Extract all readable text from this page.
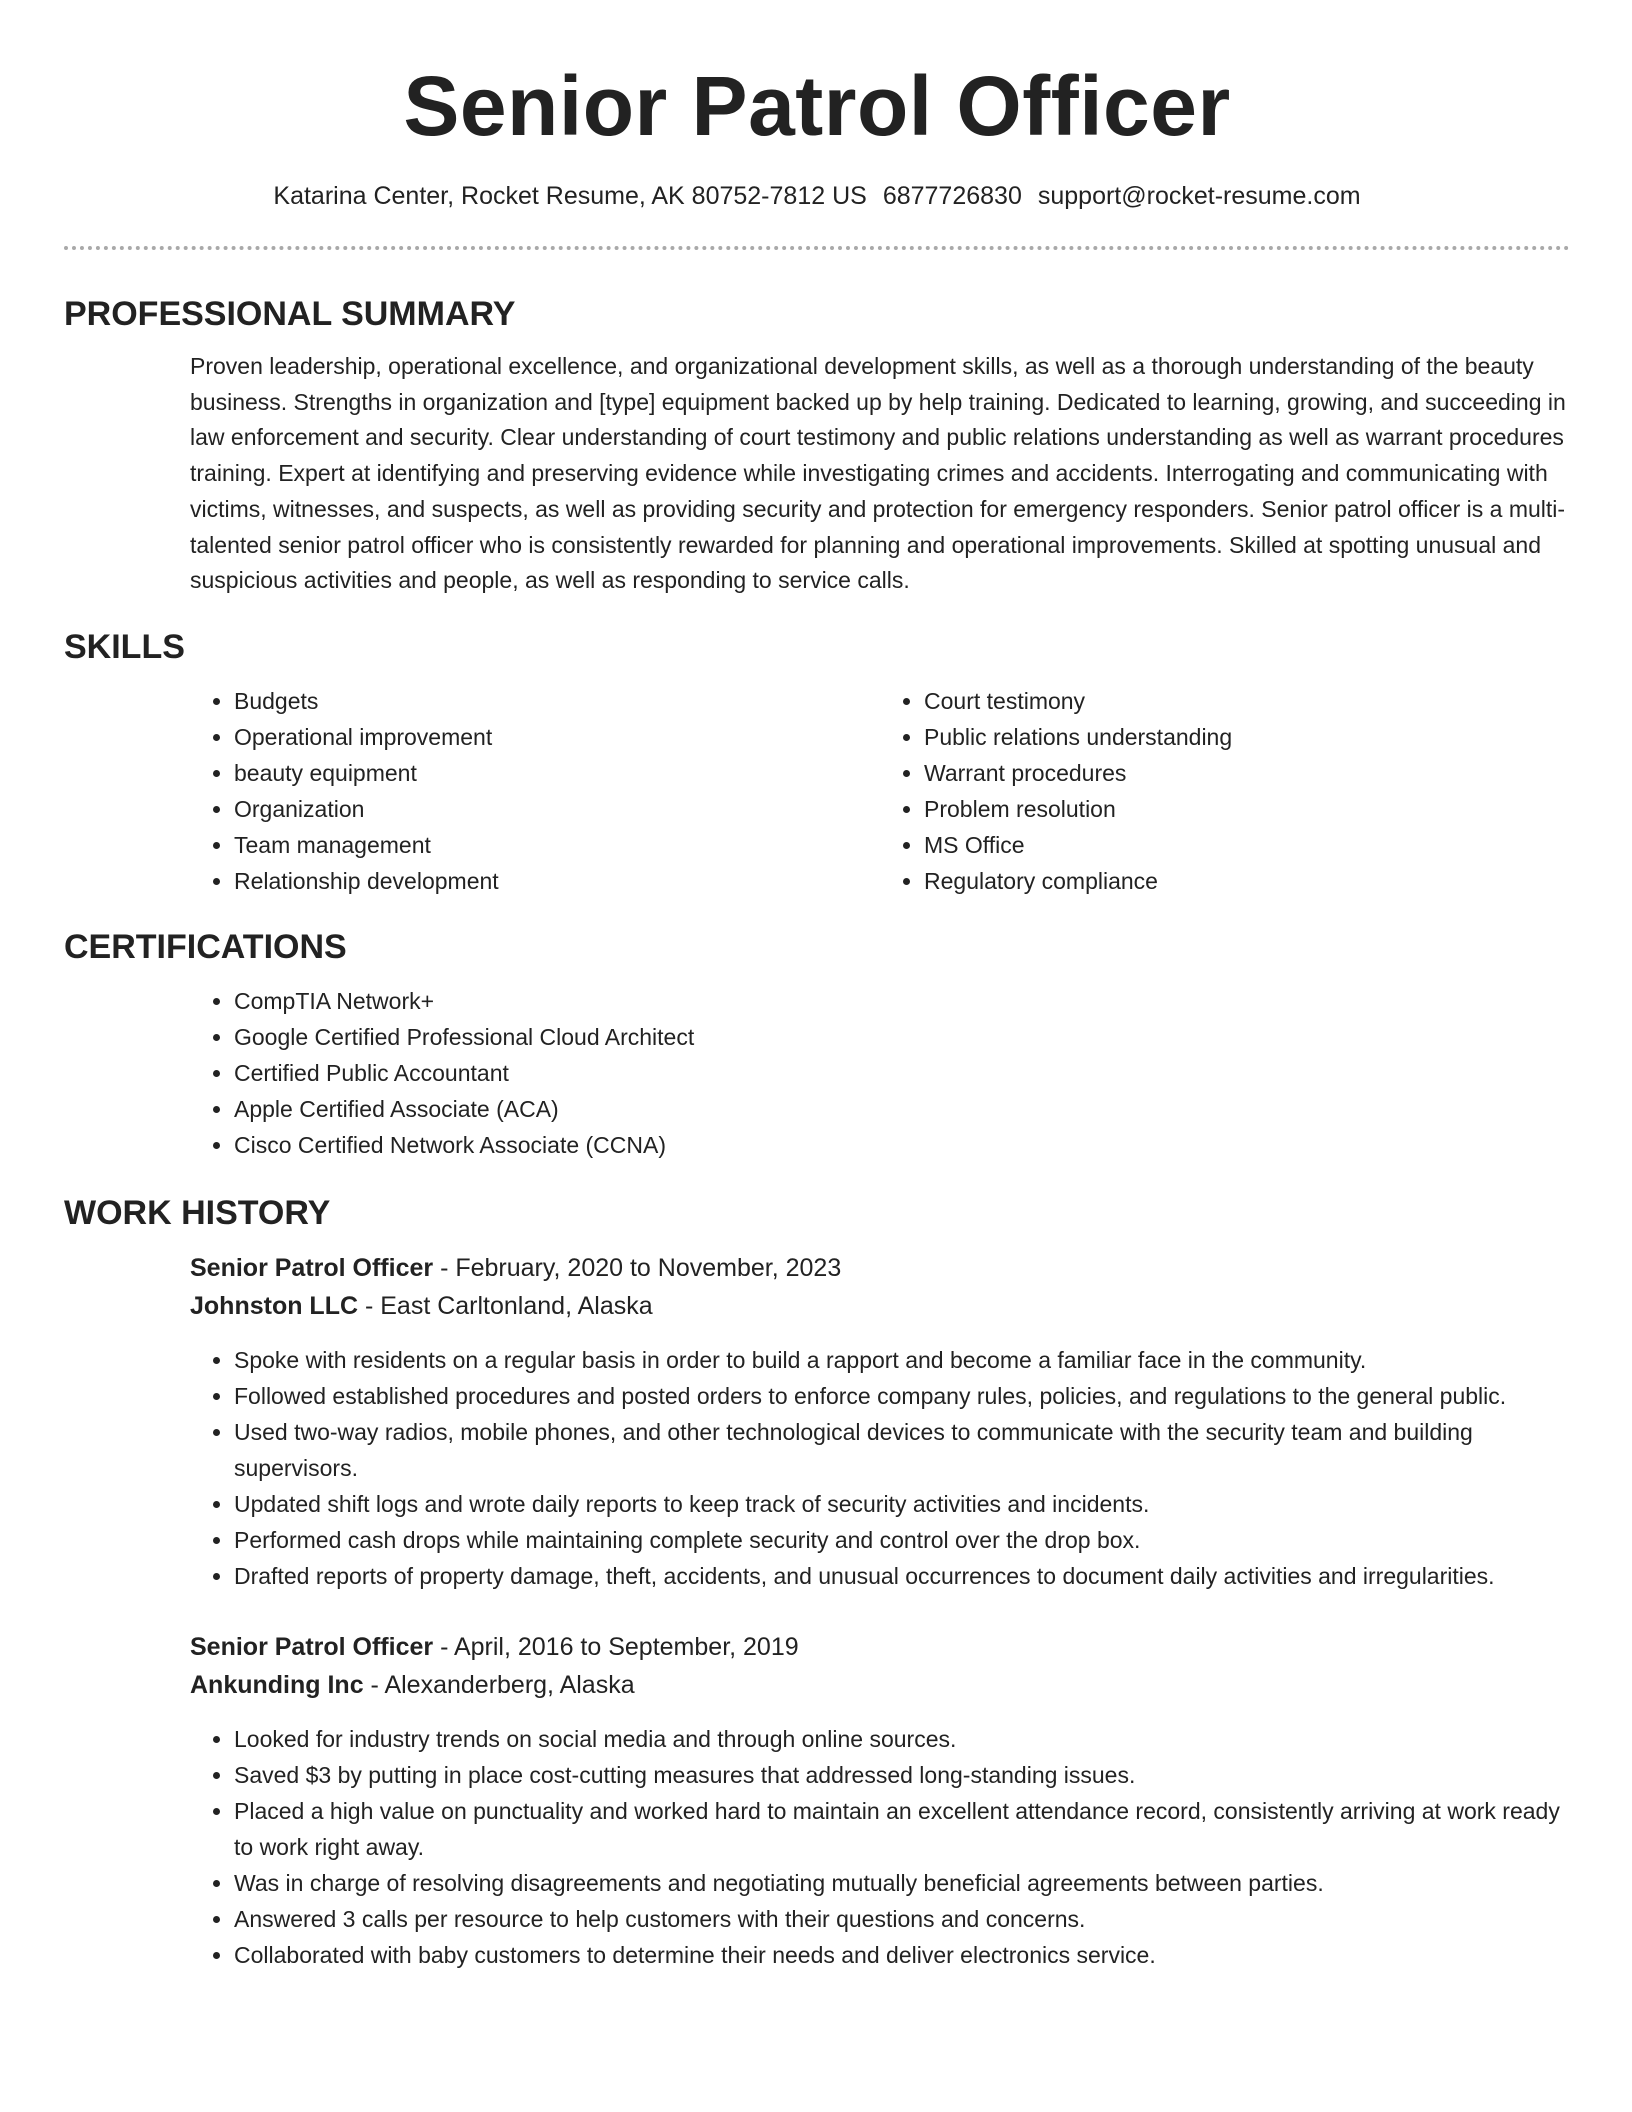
Senior Patrol Officer
Katarina Center, Rocket Resume, AK 80752-7812 US 6877726830 support@rocket-resume.com
PROFESSIONAL SUMMARY
Proven leadership, operational excellence, and organizational development skills, as well as a thorough understanding of the beauty business. Strengths in organization and [type] equipment backed up by help training. Dedicated to learning, growing, and succeeding in law enforcement and security. Clear understanding of court testimony and public relations understanding as well as warrant procedures training. Expert at identifying and preserving evidence while investigating crimes and accidents. Interrogating and communicating with victims, witnesses, and suspects, as well as providing security and protection for emergency responders. Senior patrol officer is a multi-talented senior patrol officer who is consistently rewarded for planning and operational improvements. Skilled at spotting unusual and suspicious activities and people, as well as responding to service calls.
SKILLS
• Budgets
• Operational improvement
• beauty equipment
• Organization
• Team management
• Relationship development
• Court testimony
• Public relations understanding
• Warrant procedures
• Problem resolution
• MS Office
• Regulatory compliance
CERTIFICATIONS
• CompTIA Network+
• Google Certified Professional Cloud Architect
• Certified Public Accountant
• Apple Certified Associate (ACA)
• Cisco Certified Network Associate (CCNA)
WORK HISTORY
Senior Patrol Officer - February, 2020 to November, 2023
Johnston LLC - East Carltonland, Alaska
• Spoke with residents on a regular basis in order to build a rapport and become a familiar face in the community.
• Followed established procedures and posted orders to enforce company rules, policies, and regulations to the general public.
• Used two-way radios, mobile phones, and other technological devices to communicate with the security team and building supervisors.
• Updated shift logs and wrote daily reports to keep track of security activities and incidents.
• Performed cash drops while maintaining complete security and control over the drop box.
• Drafted reports of property damage, theft, accidents, and unusual occurrences to document daily activities and irregularities.
Senior Patrol Officer - April, 2016 to September, 2019
Ankunding Inc - Alexanderberg, Alaska
• Looked for industry trends on social media and through online sources.
• Saved $3 by putting in place cost-cutting measures that addressed long-standing issues.
• Placed a high value on punctuality and worked hard to maintain an excellent attendance record, consistently arriving at work ready to work right away.
• Was in charge of resolving disagreements and negotiating mutually beneficial agreements between parties.
• Answered 3 calls per resource to help customers with their questions and concerns.
• Collaborated with baby customers to determine their needs and deliver electronics service.
